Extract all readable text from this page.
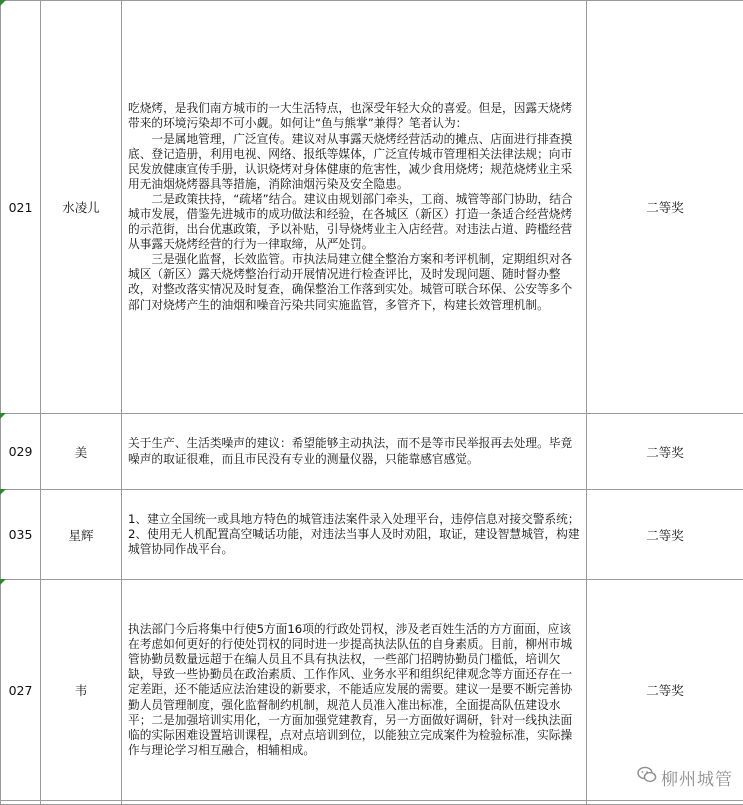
021	水凌儿	吃烧烤，是我们南方城市的一大生活特点，也深受年轻大众的喜爱。但是，因露天烧烤带来的环境污染却不可小觑。如何让“鱼与熊掌”兼得？笔者认为：
一是属地管理，广泛宣传。建议对从事露天烧烤经营活动的摊点、店面进行排查摸底、登记造册，利用电视、网络、报纸等媒体，广泛宣传城市管理相关法律法规；向市民发放健康宣传手册，认识烧烤对身体健康的危害性，减少食用烧烤；规范烧烤业主采用无油烟烧烤器具等措施，消除油烟污染及安全隐患。
二是政策扶持，“疏堵”结合。建议由规划部门牵头，工商、城管等部门协助，结合城市发展，借鉴先进城市的成功做法和经验，在各城区（新区）打造一条适合经营烧烤的示范街，出台优惠政策，予以补贴，引导烧烤业主入店经营。对违法占道、跨槛经营从事露天烧烤经营的行为一律取缔，从严处罚。
三是强化监督，长效监管。市执法局建立健全整治方案和考评机制，定期组织对各城区（新区）露天烧烤整治行动开展情况进行检查评比，及时发现问题、随时督办整改，对整改落实情况及时复查，确保整治工作落到实处。城管可联合环保、公安等多个部门对烧烤产生的油烟和噪音污染共同实施监管，多管齐下，构建长效管理机制。	二等奖
029	美	关于生产、生活类噪声的建议：希望能够主动执法，而不是等市民举报再去处理。毕竟噪声的取证很难，而且市民没有专业的测量仪器，只能靠感官感觉。	二等奖
035	星辉	1、建立全国统一或具地方特色的城管违法案件录入处理平台，违停信息对接交警系统；2、使用无人机配置高空喊话功能，对违法当事人及时劝阻，取证，建设智慧城管，构建城管协同作战平台。	二等奖
027	韦	执法部门今后将集中行使5方面16项的行政处罚权，涉及老百姓生活的方方面面，应该在考虑如何更好的行使处罚权的同时进一步提高执法队伍的自身素质。目前，柳州市城管协勤员数量远超于在编人员且不具有执法权，一些部门招聘协勤员门槛低，培训欠缺，导致一些协勤员在政治素质、工作作风、业务水平和组织纪律观念等方面还存在一定差距，还不能适应法治建设的新要求，不能适应发展的需要。建议一是要不断完善协勤人员管理制度，强化监督制约机制，规范人员准入准出标准，全面提高队伍建设水平；二是加强培训实用化，一方面加强党建教育，另一方面做好调研，针对一线执法面临的实际困难设置培训课程，点对点培训到位，以能独立完成案件为检验标准，实际操作与理论学习相互融合，相辅相成。	二等奖

柳州城管
